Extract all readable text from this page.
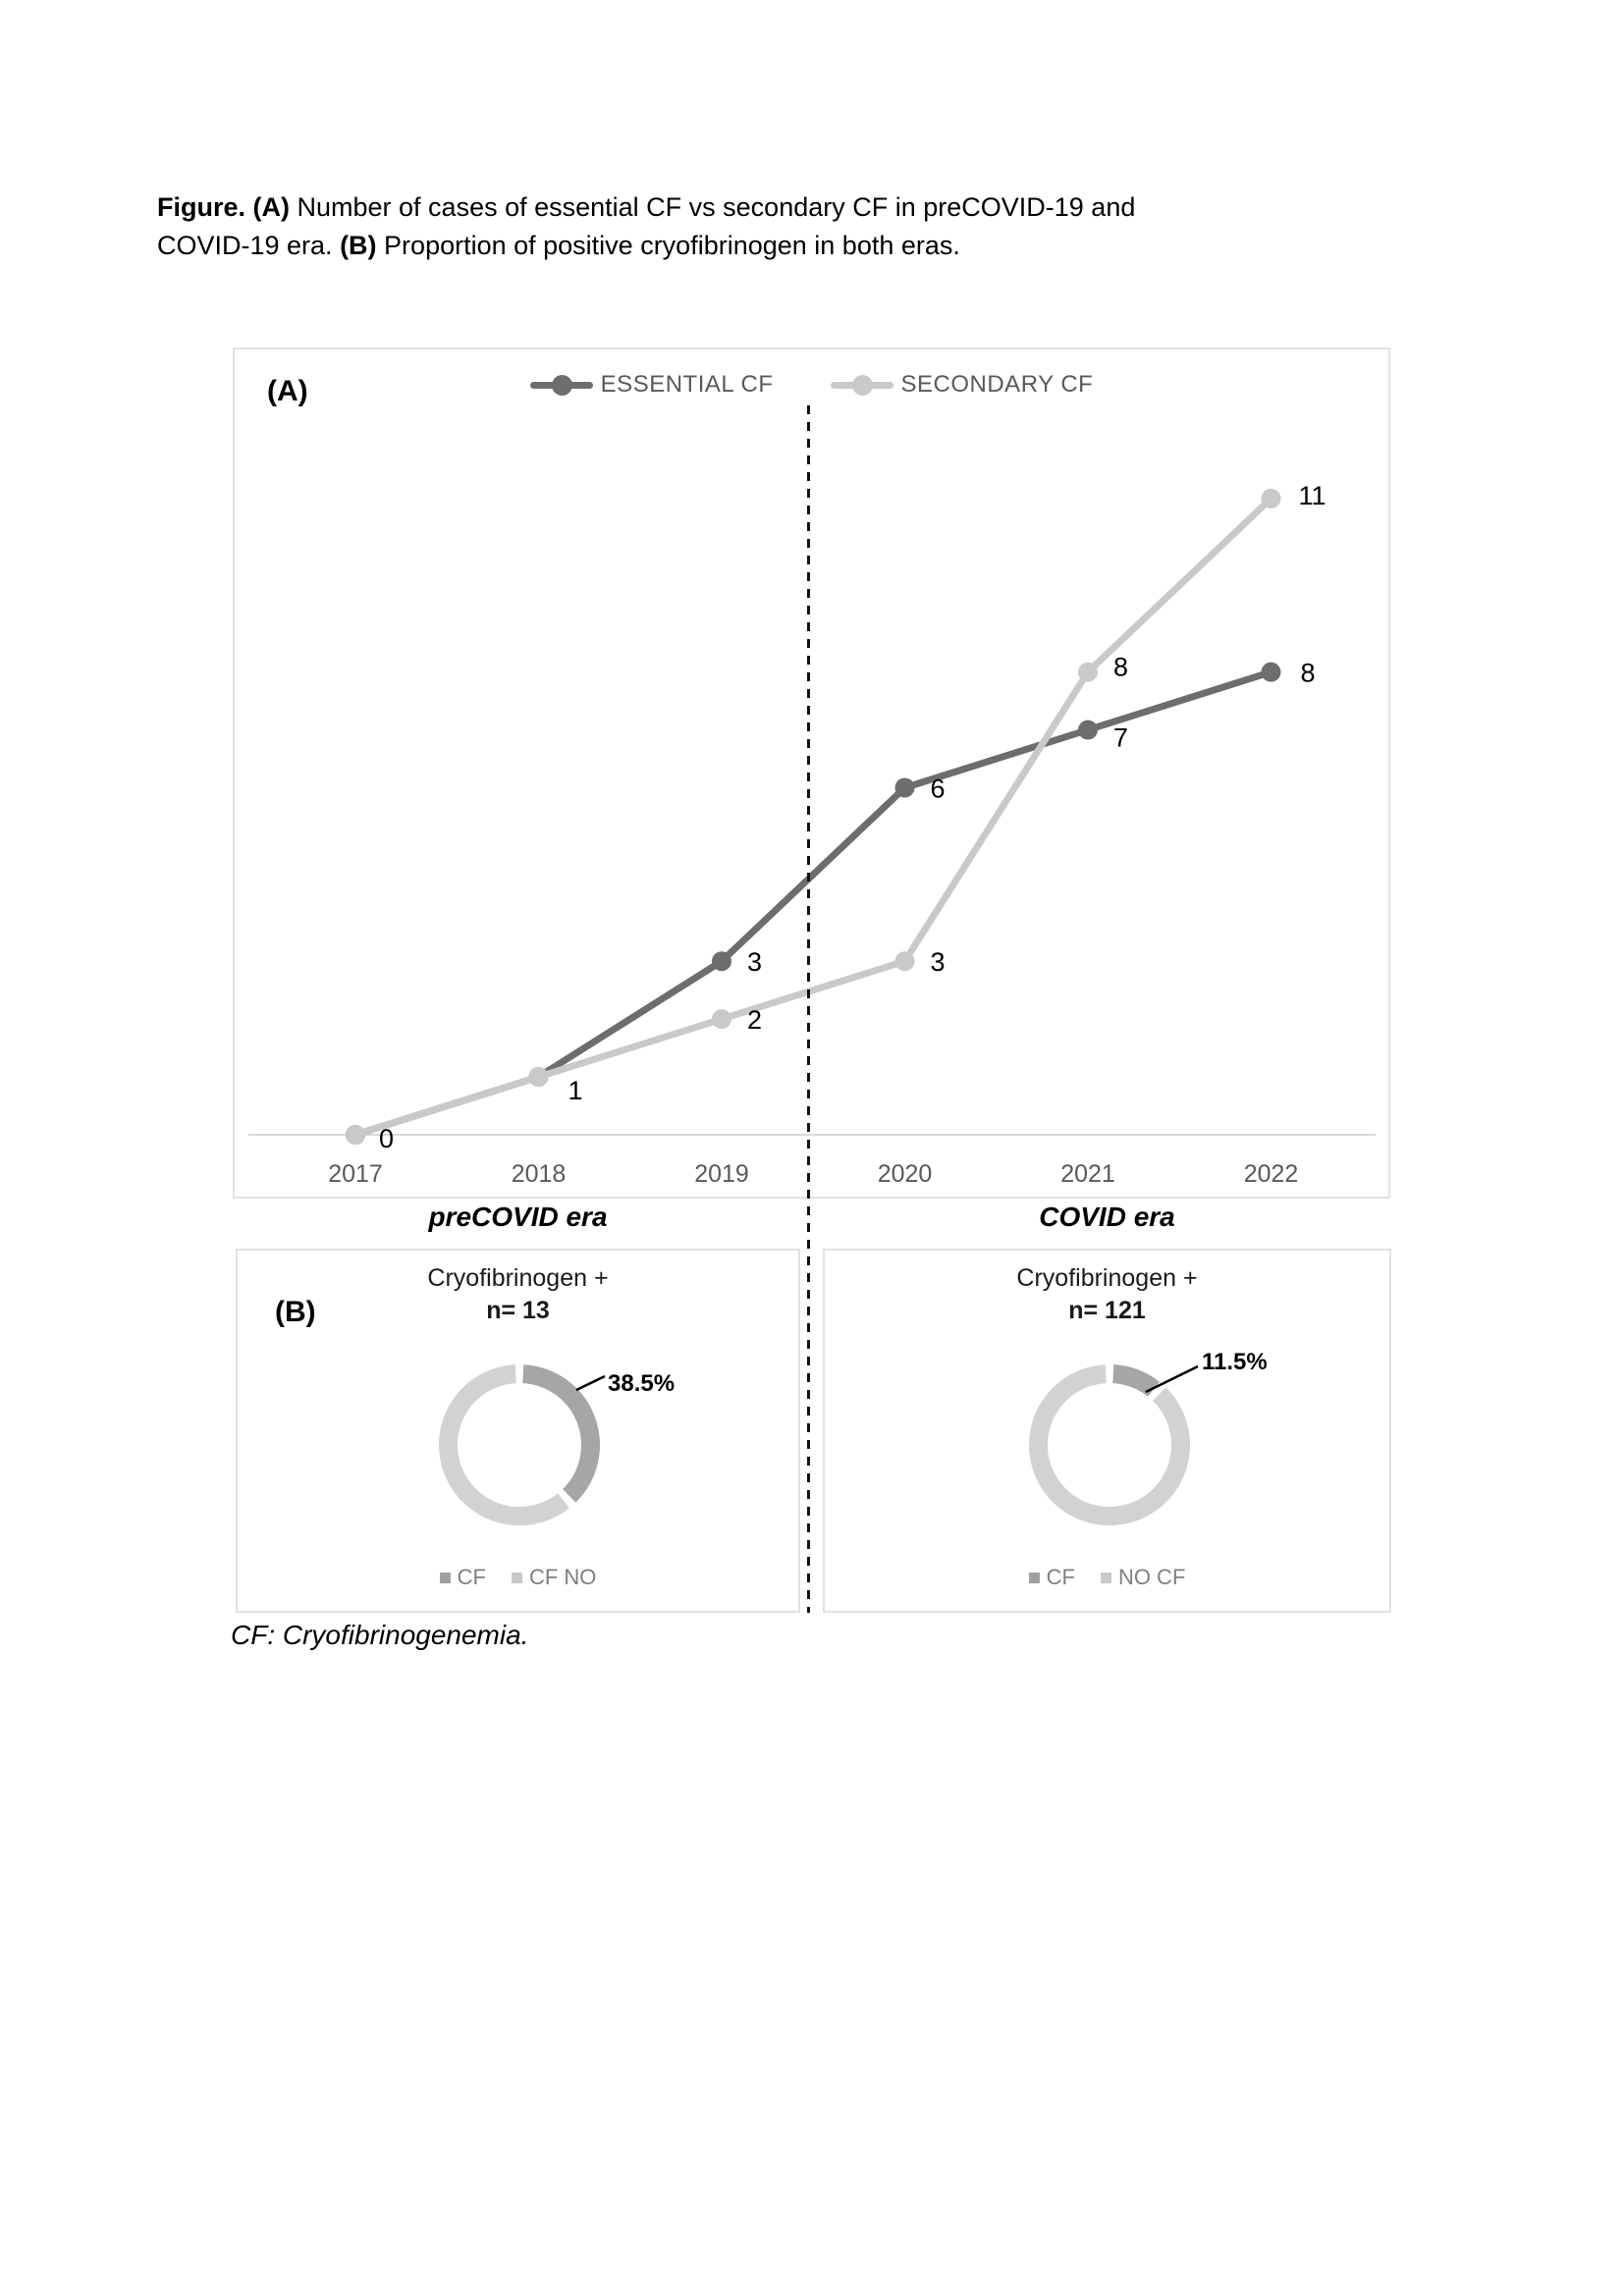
Figure. (A) Number of cases of essential CF vs secondary CF in preCOVID-19 and
COVID-19 era. (B) Proportion of positive cryofibrinogen in both eras.
(A)	ESSENTIAL CF	SECONDARY CF
2017	2018	2019	2020	2021	2022
3
6
7
8
0
1
2
3
8
11
preCOVID era	COVID era
(B)
Cryofibrinogen +
n= 13
38.5%
CF CF NO
Cryofibrinogen +
n= 121
11.5%
CF NO CF
CF: Cryofibrinogenemia.
